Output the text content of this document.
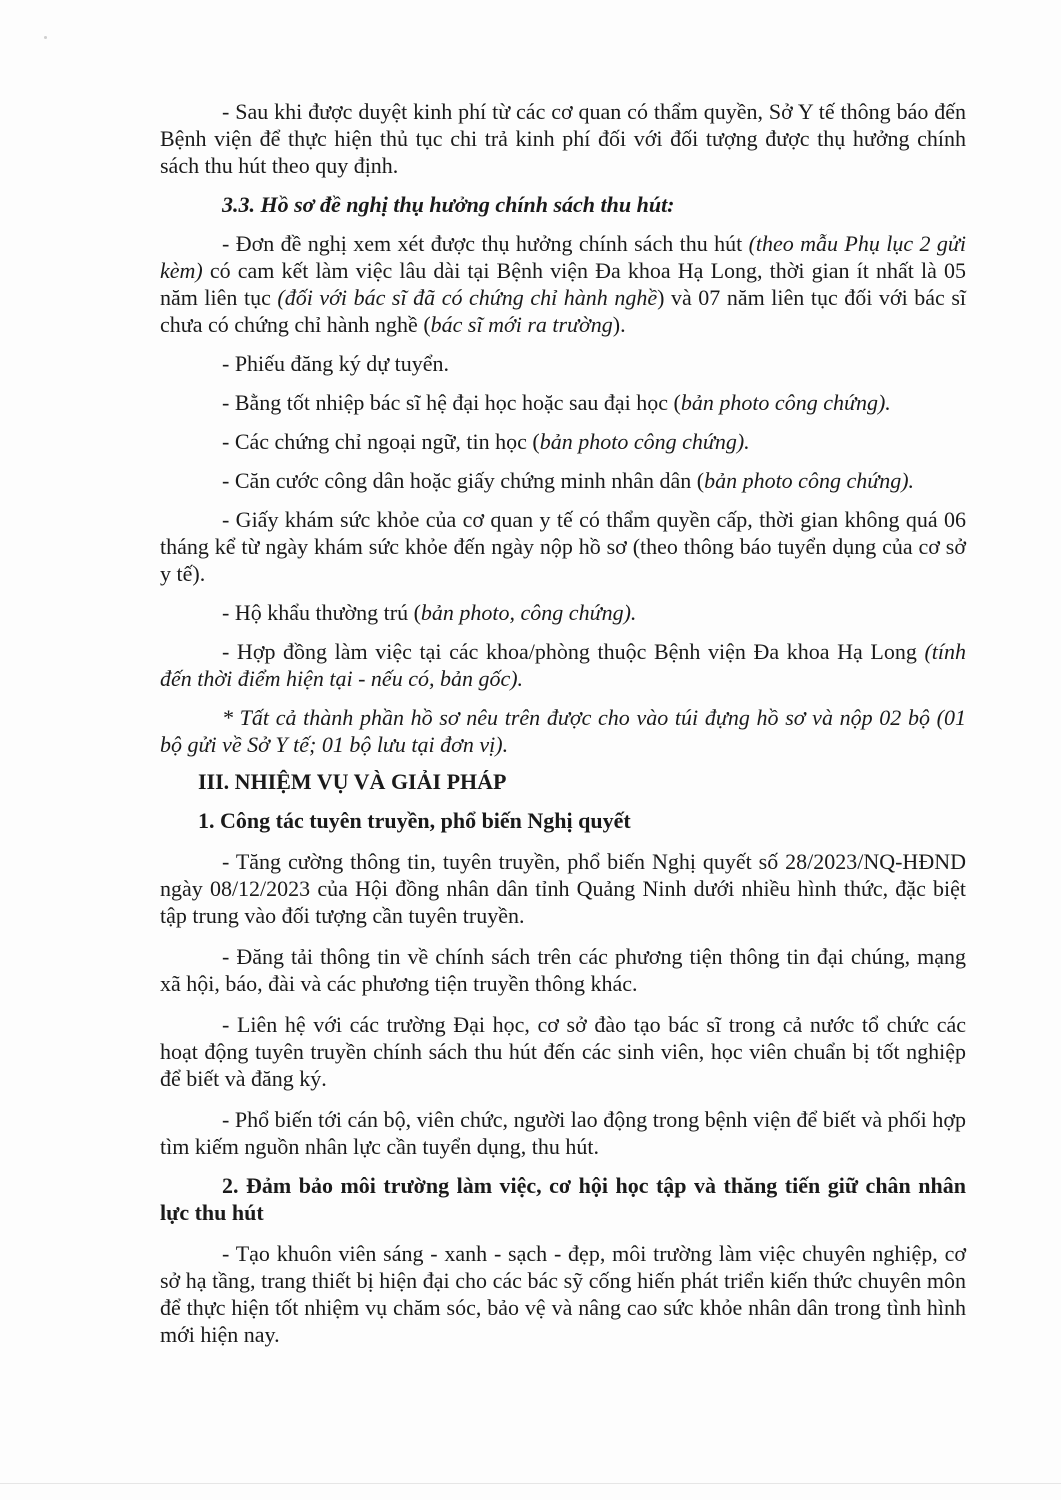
- Sau khi được duyệt kinh phí từ các cơ quan có thẩm quyền, Sở Y tế thông báo đến Bệnh viện để thực hiện thủ tục chi trả kinh phí đối với đối tượng được thụ hưởng chính sách thu hút theo quy định.

3.3. Hồ sơ đề nghị thụ hưởng chính sách thu hút:

- Đơn đề nghị xem xét được thụ hưởng chính sách thu hút (theo mẫu Phụ lục 2 gửi kèm) có cam kết làm việc lâu dài tại Bệnh viện Đa khoa Hạ Long, thời gian ít nhất là 05 năm liên tục (đối với bác sĩ đã có chứng chỉ hành nghề) và 07 năm liên tục đối với bác sĩ chưa có chứng chỉ hành nghề (bác sĩ mới ra trường).

- Phiếu đăng ký dự tuyển.

- Bằng tốt nhiệp bác sĩ hệ đại học hoặc sau đại học (bản photo công chứng).

- Các chứng chỉ ngoại ngữ, tin học (bản photo công chứng).

- Căn cước công dân hoặc giấy chứng minh nhân dân (bản photo công chứng).

- Giấy khám sức khỏe của cơ quan y tế có thẩm quyền cấp, thời gian không quá 06 tháng kể từ ngày khám sức khỏe đến ngày nộp hồ sơ (theo thông báo tuyển dụng của cơ sở y tế).

- Hộ khẩu thường trú (bản photo, công chứng).

- Hợp đồng làm việc tại các khoa/phòng thuộc Bệnh viện Đa khoa Hạ Long (tính đến thời điểm hiện tại - nếu có, bản gốc).

* Tất cả thành phần hồ sơ nêu trên được cho vào túi đựng hồ sơ và nộp 02 bộ (01 bộ gửi về Sở Y tế; 01 bộ lưu tại đơn vị).

III. NHIỆM VỤ VÀ GIẢI PHÁP

1. Công tác tuyên truyền, phổ biến Nghị quyết

- Tăng cường thông tin, tuyên truyền, phổ biến Nghị quyết số 28/2023/NQ-HĐND ngày 08/12/2023 của Hội đồng nhân dân tỉnh Quảng Ninh dưới nhiều hình thức, đặc biệt tập trung vào đối tượng cần tuyên truyền.

- Đăng tải thông tin về chính sách trên các phương tiện thông tin đại chúng, mạng xã hội, báo, đài và các phương tiện truyền thông khác.

- Liên hệ với các trường Đại học, cơ sở đào tạo bác sĩ trong cả nước tổ chức các hoạt động tuyên truyền chính sách thu hút đến các sinh viên, học viên chuẩn bị tốt nghiệp để biết và đăng ký.

- Phổ biến tới cán bộ, viên chức, người lao động trong bệnh viện để biết và phối hợp tìm kiếm nguồn nhân lực cần tuyển dụng, thu hút.

2. Đảm bảo môi trường làm việc, cơ hội học tập và thăng tiến giữ chân nhân lực thu hút

- Tạo khuôn viên sáng - xanh - sạch - đẹp, môi trường làm việc chuyên nghiệp, cơ sở hạ tầng, trang thiết bị hiện đại cho các bác sỹ cống hiến phát triển kiến thức chuyên môn để thực hiện tốt nhiệm vụ chăm sóc, bảo vệ và nâng cao sức khỏe nhân dân trong tình hình mới hiện nay.
